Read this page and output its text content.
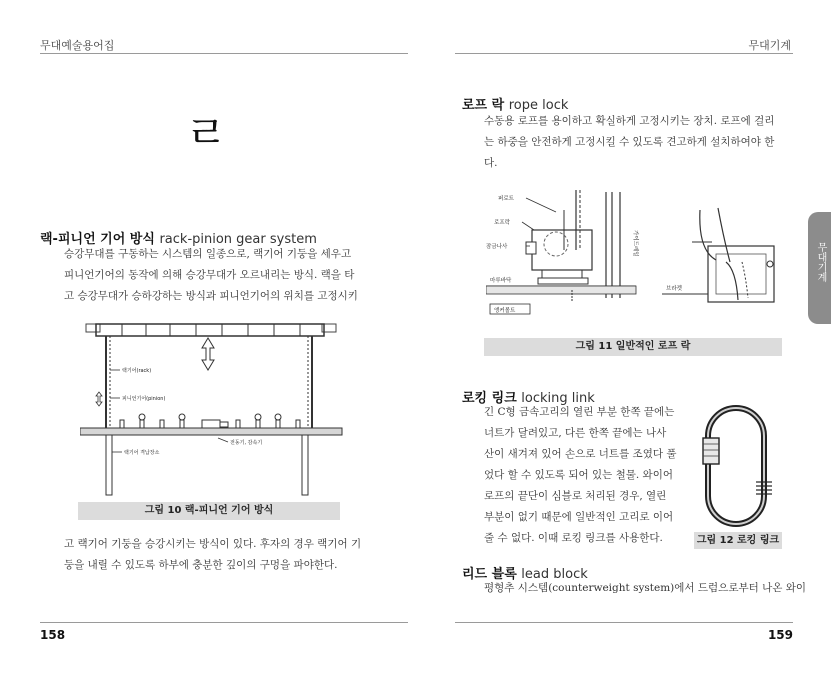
무대예술용어집	무대기계
ㄹ
랙-피니언 기어 방식 rack-pinion gear system
승강무대를 구동하는 시스템의 일종으로, 랙기어 기둥을 세우고
피니언기어의 동작에 의해 승강무대가 오르내리는 방식. 랙을 타
고 승강무대가 승하강하는 방식과 피니언기어의 위치를 고정시키
랙기어(rack)
피니언기어(pinion)
전동기, 감속기
랙기어 격납장소
그림 10 랙-피니언 기어 방식
고 랙기어 기둥을 승강시키는 방식이 있다. 후자의 경우 랙기어 기
둥을 내릴 수 있도록 하부에 충분한 깊이의 구멍을 파야한다.
로프 락 rope lock
수동용 로프를 용이하고 확실하게 고정시키는 장치. 로프에 걸리
는 하중을 안전하게 고정시킬 수 있도록 견고하게 설치하여야 한
다.
퍼로트
로프락
잠금나사
마루바닥
앵커볼트
가이드레일
브라켓
그림 11 일반적인 로프 락
로킹 링크 locking link
긴 C형 금속고리의 열린 부분 한쪽 끝에는
너트가 달려있고, 다른 한쪽 끝에는 나사
산이 새겨져 있어 손으로 너트를 조였다 풀
었다 할 수 있도록 되어 있는 철물. 와이어
로프의 끝단이 심블로 처리된 경우, 열린
부분이 없기 때문에 일반적인 고리로 이어
줄 수 없다. 이때 로킹 링크를 사용한다.	그림 12 로킹 링크
리드 블록 lead block
평형추 시스템(counterweight system)에서 드럼으로부터 나온 와이
무대기계
158	159
